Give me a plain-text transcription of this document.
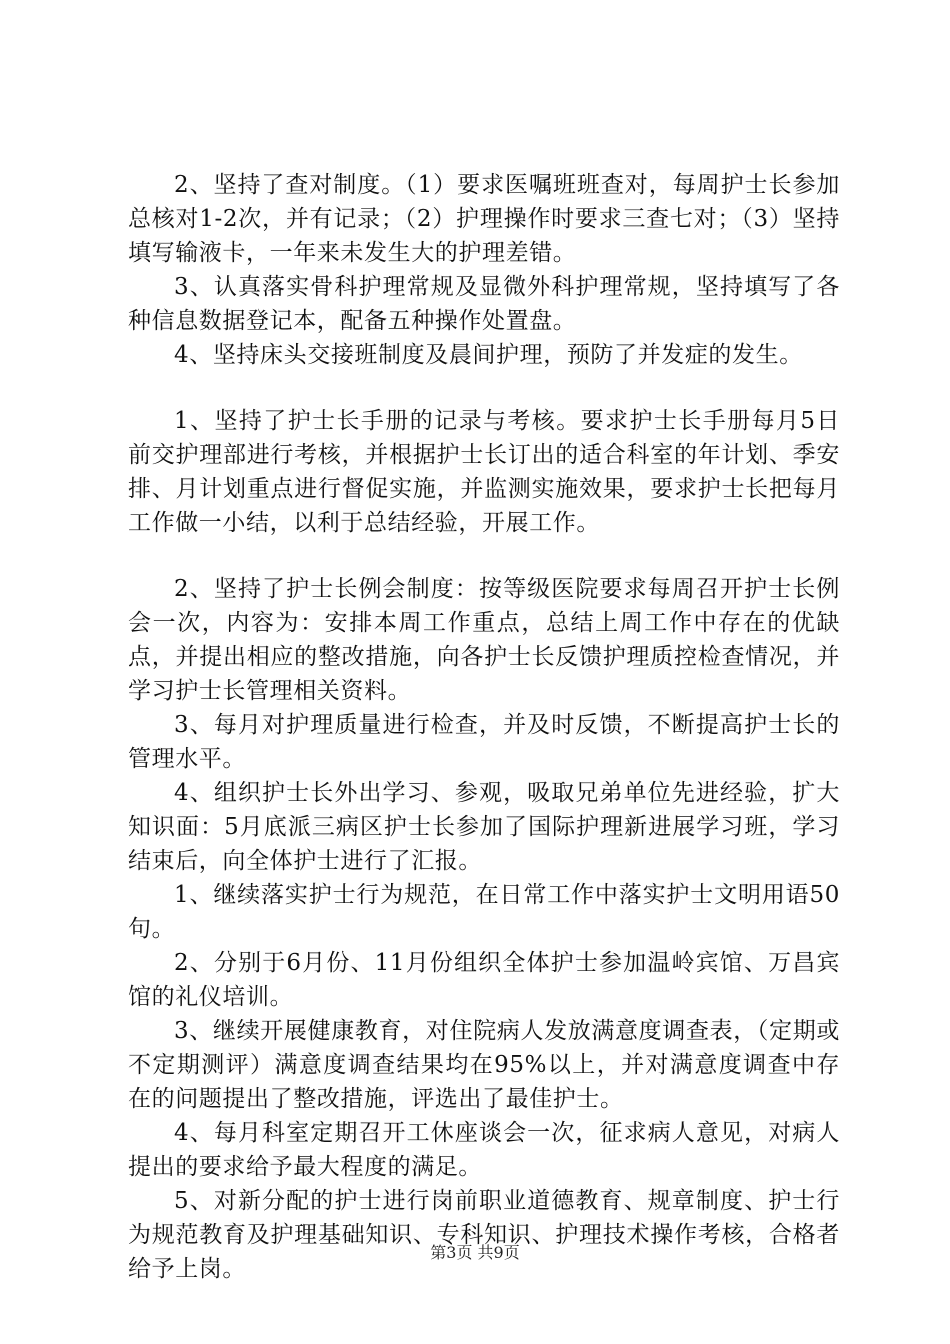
2、坚持了查对制度。（1）要求医嘱班班查对，每周护士长参加总核对1-2次，并有记录；（2）护理操作时要求三查七对；（3）坚持填写输液卡，一年来未发生大的护理差错。

3、认真落实骨科护理常规及显微外科护理常规，坚持填写了各种信息数据登记本，配备五种操作处置盘。

4、坚持床头交接班制度及晨间护理，预防了并发症的发生。

1、坚持了护士长手册的记录与考核。要求护士长手册每月5日前交护理部进行考核，并根据护士长订出的适合科室的年计划、季安排、月计划重点进行督促实施，并监测实施效果，要求护士长把每月工作做一小结，以利于总结经验，开展工作。

2、坚持了护士长例会制度：按等级医院要求每周召开护士长例会一次，内容为：安排本周工作重点，总结上周工作中存在的优缺点，并提出相应的整改措施，向各护士长反馈护理质控检查情况，并学习护士长管理相关资料。

3、每月对护理质量进行检查，并及时反馈，不断提高护士长的管理水平。

4、组织护士长外出学习、参观，吸取兄弟单位先进经验，扩大知识面：5月底派三病区护士长参加了国际护理新进展学习班，学习结束后，向全体护士进行了汇报。

1、继续落实护士行为规范，在日常工作中落实护士文明用语50句。

2、分别于6月份、11月份组织全体护士参加温岭宾馆、万昌宾馆的礼仪培训。

3、继续开展健康教育，对住院病人发放满意度调查表，（定期或不定期测评）满意度调查结果均在95%以上，并对满意度调查中存在的问题提出了整改措施，评选出了最佳护士。

4、每月科室定期召开工休座谈会一次，征求病人意见，对病人提出的要求给予最大程度的满足。

5、对新分配的护士进行岗前职业道德教育、规章制度、护士行为规范教育及护理基础知识、专科知识、护理技术操作考核，合格者给予上岗。

第3页 共9页
